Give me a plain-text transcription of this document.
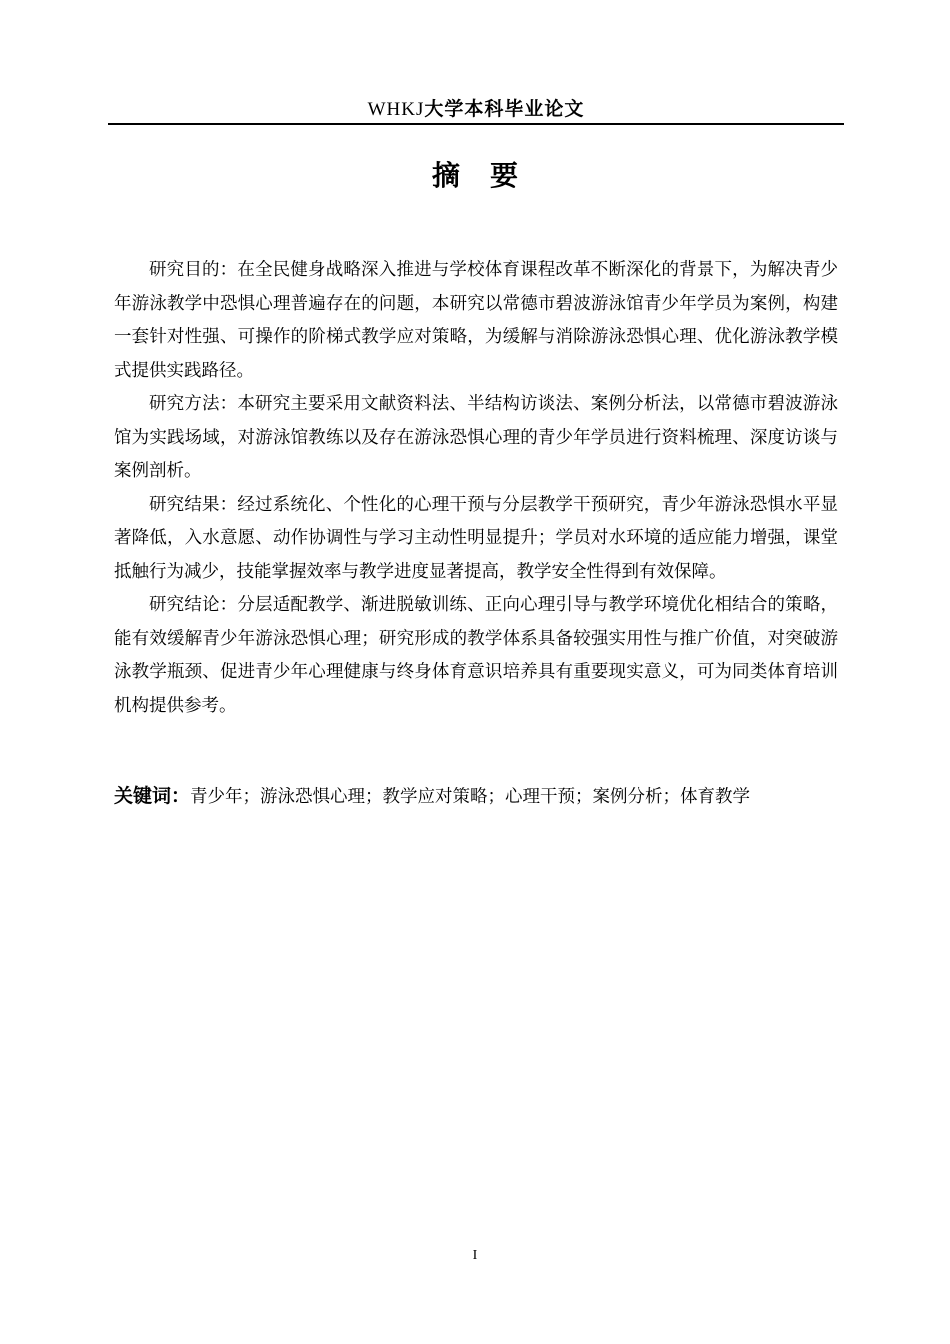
WHKJ大学本科毕业论文
摘要

研究目的：在全民健身战略深入推进与学校体育课程改革不断深化的背景下，为解决青少年游泳教学中恐惧心理普遍存在的问题，本研究以常德市碧波游泳馆青少年学员为案例，构建一套针对性强、可操作的阶梯式教学应对策略，为缓解与消除游泳恐惧心理、优化游泳教学模式提供实践路径。

研究方法：本研究主要采用文献资料法、半结构访谈法、案例分析法，以常德市碧波游泳馆为实践场域，对游泳馆教练以及存在游泳恐惧心理的青少年学员进行资料梳理、深度访谈与案例剖析。

研究结果：经过系统化、个性化的心理干预与分层教学干预研究，青少年游泳恐惧水平显著降低，入水意愿、动作协调性与学习主动性明显提升；学员对水环境的适应能力增强，课堂抵触行为减少，技能掌握效率与教学进度显著提高，教学安全性得到有效保障。

研究结论：分层适配教学、渐进脱敏训练、正向心理引导与教学环境优化相结合的策略，能有效缓解青少年游泳恐惧心理；研究形成的教学体系具备较强实用性与推广价值，对突破游泳教学瓶颈、促进青少年心理健康与终身体育意识培养具有重要现实意义，可为同类体育培训机构提供参考。

关键词：青少年；游泳恐惧心理；教学应对策略；心理干预；案例分析；体育教学
I
